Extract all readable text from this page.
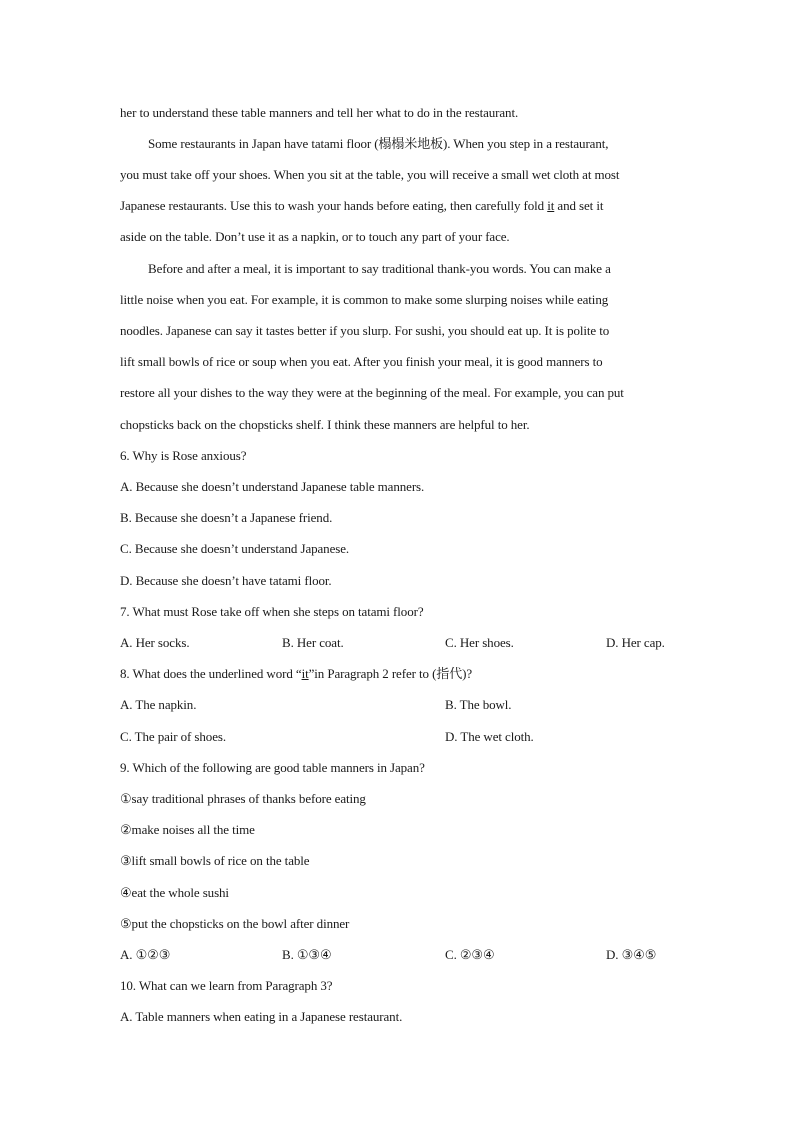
her to understand these table manners and tell her what to do in the restaurant.
Some restaurants in Japan have tatami floor (榻榻米地板). When you step in a restaurant,
you must take off your shoes. When you sit at the table, you will receive a small wet cloth at most
Japanese restaurants. Use this to wash your hands before eating, then carefully fold it and set it
aside on the table. Don’t use it as a napkin, or to touch any part of your face.
Before and after a meal, it is important to say traditional thank-you words. You can make a
little noise when you eat. For example, it is common to make some slurping noises while eating
noodles. Japanese can say it tastes better if you slurp. For sushi, you should eat up. It is polite to
lift small bowls of rice or soup when you eat. After you finish your meal, it is good manners to
restore all your dishes to the way they were at the beginning of the meal. For example, you can put
chopsticks back on the chopsticks shelf. I think these manners are helpful to her.
6. Why is Rose anxious?
A. Because she doesn’t understand Japanese table manners.
B. Because she doesn’t a Japanese friend.
C. Because she doesn’t understand Japanese.
D. Because she doesn’t have tatami floor.
7. What must Rose take off when she steps on tatami floor?
A. Her socks.	B. Her coat.	C. Her shoes.	D. Her cap.
8. What does the underlined word “it”in Paragraph 2 refer to (指代)?
A. The napkin.	B. The bowl.
C. The pair of shoes.	D. The wet cloth.
9. Which of the following are good table manners in Japan?
①say traditional phrases of thanks before eating
②make noises all the time
③lift small bowls of rice on the table
④eat the whole sushi
⑤put the chopsticks on the bowl after dinner
A. ①②③	B. ①③④	C. ②③④	D. ③④⑤
10. What can we learn from Paragraph 3?
A. Table manners when eating in a Japanese restaurant.
